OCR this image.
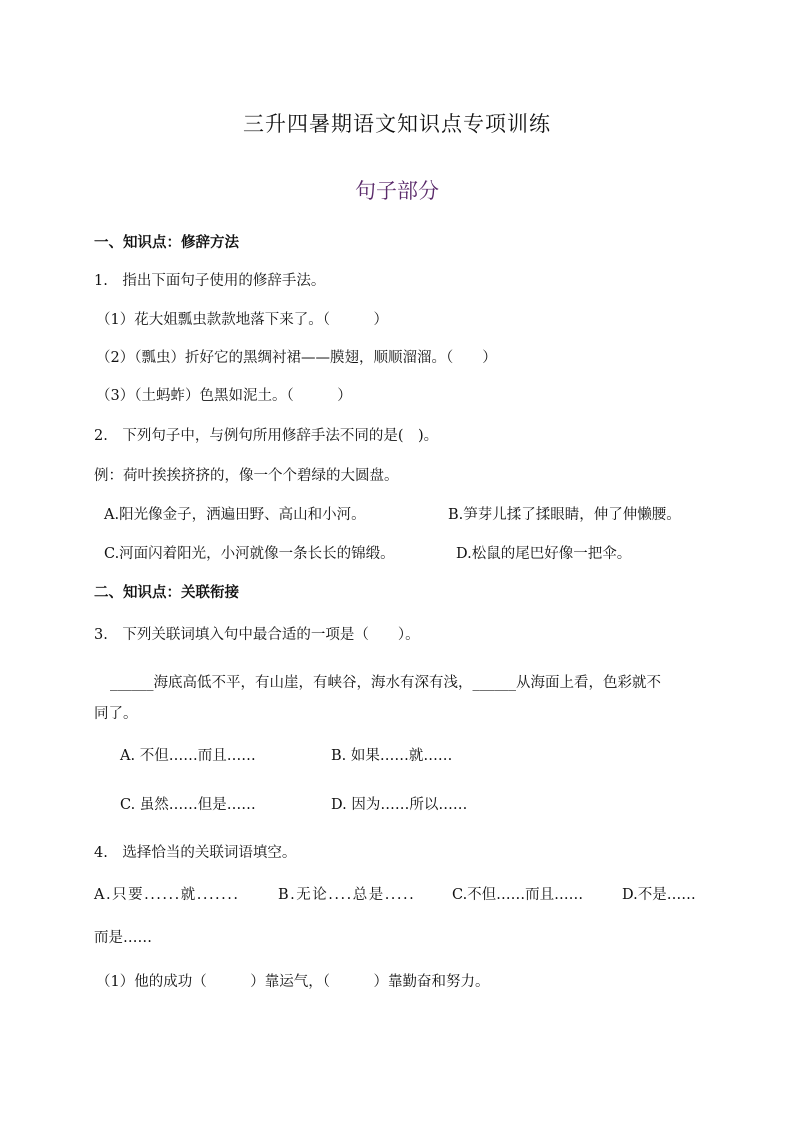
三升四暑期语文知识点专项训练
句子部分
一、知识点：修辞方法
1.　指出下面句子使用的修辞手法。
（1）花大姐瓢虫款款地落下来了。（　　　）
（2）（瓢虫）折好它的黑绸衬裙——膜翅，顺顺溜溜。（　　）
（3）（土蚂蚱）色黑如泥土。（　　　）
2.　下列句子中，与例句所用修辞手法不同的是(　)。
例：荷叶挨挨挤挤的，像一个个碧绿的大圆盘。
A.阳光像金子，洒遍田野、高山和小河。	B.笋芽儿揉了揉眼睛，伸了伸懒腰。
C.河面闪着阳光，小河就像一条长长的锦缎。	D.松鼠的尾巴好像一把伞。
二、知识点：关联衔接
3.　下列关联词填入句中最合适的一项是（　　）。
______海底高低不平，有山崖，有峡谷，海水有深有浅，______从海面上看，色彩就不
同了。
A. 不但……而且……	B. 如果……就……
C. 虽然……但是……	D. 因为……所以……
4.　选择恰当的关联词语填空。
A.只要......就.......	B.无论....总是.....	C.不但……而且……	D.不是……
而是……
（1）他的成功（　　　）靠运气，（　　　）靠勤奋和努力。
